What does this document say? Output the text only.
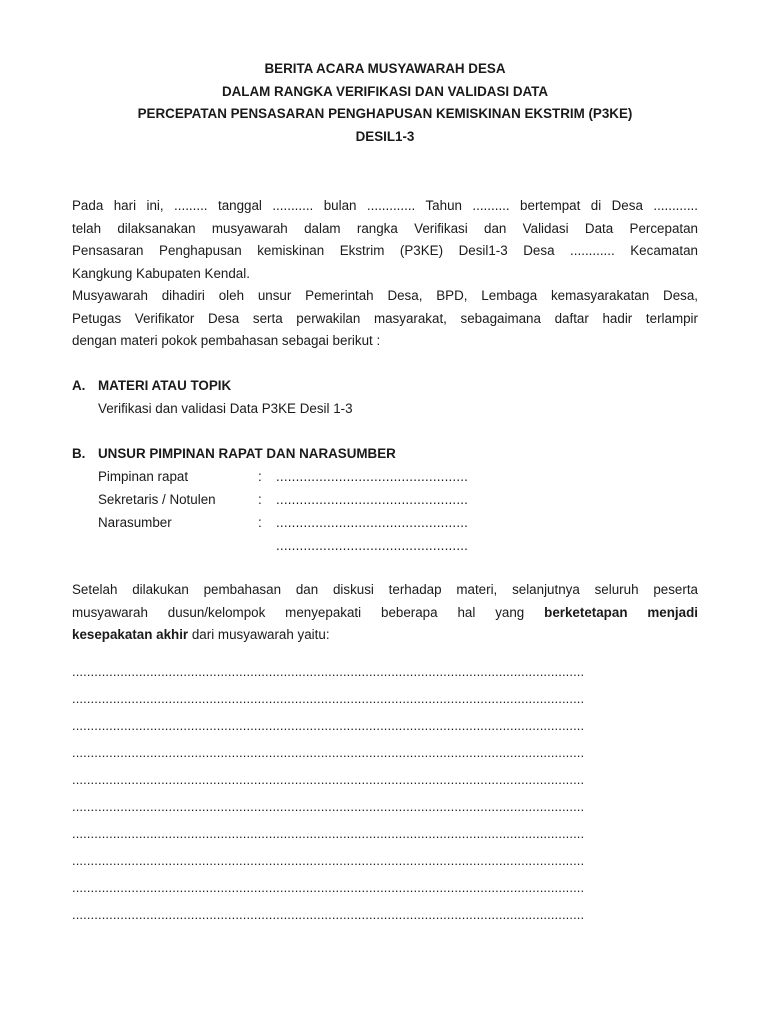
BERITA ACARA MUSYAWARAH DESA
DALAM RANGKA VERIFIKASI DAN VALIDASI DATA
PERCEPATAN PENSASARAN PENGHAPUSAN KEMISKINAN EKSTRIM (P3KE)
DESIL1-3
Pada hari ini, ......... tanggal ........... bulan ............. Tahun .......... bertempat di Desa ............
telah dilaksanakan musyawarah dalam rangka Verifikasi dan Validasi Data Percepatan
Pensasaran Penghapusan kemiskinan Ekstrim (P3KE) Desil1-3 Desa ............ Kecamatan
Kangkung Kabupaten Kendal.
Musyawarah dihadiri oleh unsur Pemerintah Desa, BPD, Lembaga kemasyarakatan Desa,
Petugas Verifikator Desa serta perwakilan masyarakat, sebagaimana daftar hadir terlampir
dengan materi pokok pembahasan sebagai berikut :
A. MATERI ATAU TOPIK
Verifikasi dan validasi Data P3KE Desil 1-3
B. UNSUR PIMPINAN RAPAT DAN NARASUMBER
Pimpinan rapat	: .................................................
Sekretaris / Notulen	: .................................................
Narasumber	: .................................................
.................................................
Setelah dilakukan pembahasan dan diskusi terhadap materi, selanjutnya seluruh peserta
musyawarah dusun/kelompok menyepakati beberapa hal yang berketetapan menjadi
kesepakatan akhir dari musyawarah yaitu:
..........................................................................................................................................
..........................................................................................................................................
..........................................................................................................................................
..........................................................................................................................................
..........................................................................................................................................
..........................................................................................................................................
..........................................................................................................................................
..........................................................................................................................................
..........................................................................................................................................
..........................................................................................................................................
